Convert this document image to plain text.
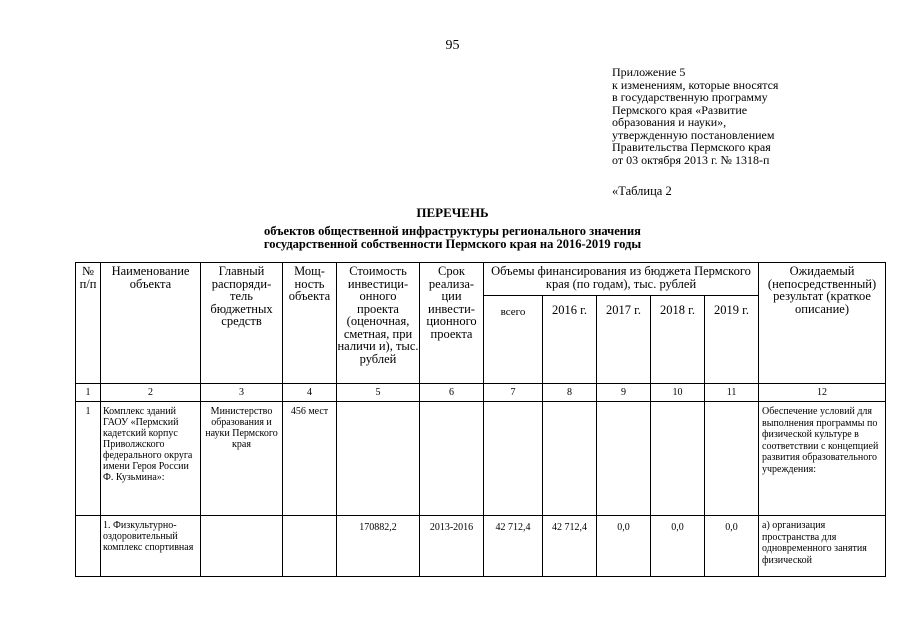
95
Приложение 5
к изменениям, которые вносятся
в государственную программу
Пермского края «Развитие
образования и науки»,
утвержденную постановлением
Правительства Пермского края
от 03 октября 2013 г. № 1318-п
«Таблица 2
ПЕРЕЧЕНЬ
объектов общественной инфраструктуры регионального значения
государственной собственности Пермского края на 2016-2019 годы
№ п/п	Наименование объекта	Главный распоряди-тель бюджетных средств	Мощ-ность объекта	Стоимость инвестици-онного проекта (оценочная, сметная, при наличи и), тыс. рублей	Срок реализа-ции инвести-ционного проекта	Объемы финансирования из бюджета Пермского края (по годам), тыс. рублей					Ожидаемый (непосредственный) результат (краткое описание)
						всего	2016 г.	2017 г.	2018 г.	2019 г.	
1	2	3	4	5	6	7	8	9	10	11	12
1	Комплекс зданий ГАОУ «Пермский кадетский корпус Приволжского федерального округа имени Героя России Ф. Кузьмина»:	Министерство образования и науки Пермского края	456 мест								Обеспечение условий для выполнения программы по физической культуре в соответствии с концепцией развития образовательного учреждения:
	1. Физкультурно-оздоровительный комплекс спортивная			170882,2	2013-2016	42 712,4	42 712,4	0,0	0,0	0,0	а) организация пространства для одновременного занятия физической
